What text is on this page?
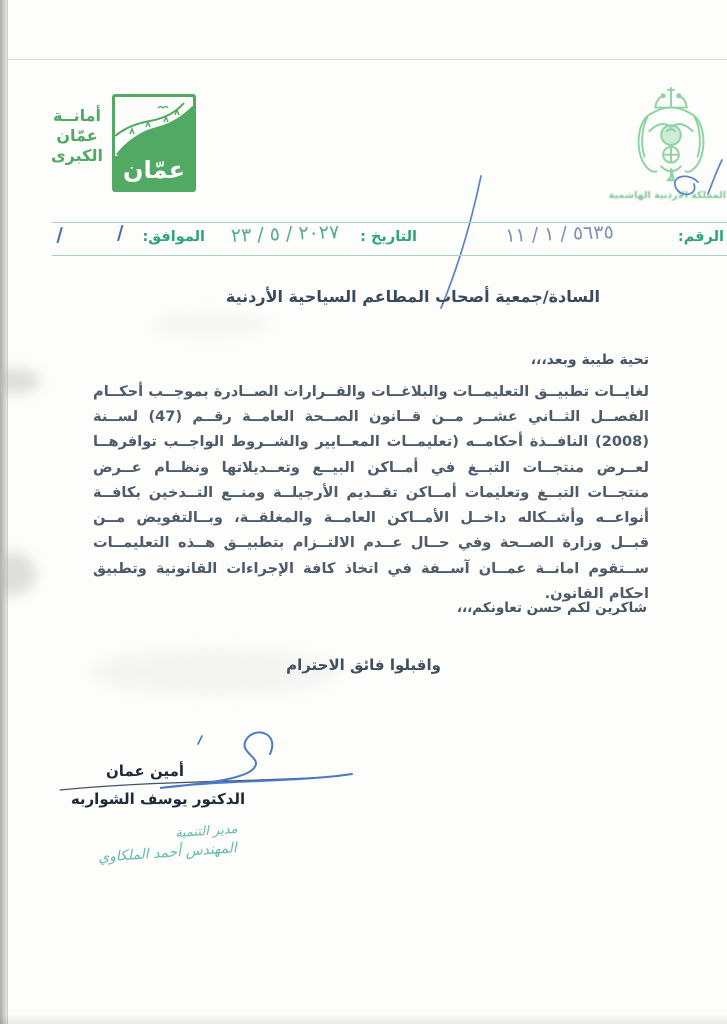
أمانــة
عمّان
الكبرى
عمّان
المملكة الأردنية الهاشمية
الرقم:
٥٦٣٥ / ١ / ١١
التاريخ :
٢٠٢٧ / ٥ / ٢٣
الموافق:
/      /
السادة/جمعية أصحاب المطاعم السياحية الأردنية
تحية طيبة وبعد،،،
لغايــات تطبيــق التعليمــات والبلاغــات والقــرارات الصــادرة بموجــب أحكــام الفصــل الثــاني عشــر مــن قــانون الصــحة العامــة رقــم (47) لســنة (2008) النافــذة أحكامــه (تعليمــات المعــايير والشــروط الواجــب توافرهــا لعــرض منتجــات التبــغ في أمــاكن البيــع وتعــديلاتها ونظــام عــرض منتجــات التبــغ وتعليمات أمــاكن تقــديم الأرجيلــة ومنــع التــدخين بكافــة أنواعــه وأشــكاله داخــل الأمــاكن العامــة والمغلقــة، وبــالتفويض مــن قبــل وزارة الصــحة وفي حــال عــدم الالتــزام بتطبيــق هــذه التعليمــات ســتقوم امانــة عمــان آســفة في اتخاذ كافة الإجراءات القانونية وتطبيق احكام القانون.
شاكرين لكم حسن تعاونكم،،،
واقبلوا فائق الاحترام
أمين عمان
الدكتور يوسف الشواربه
مدير التنمية
المهندس أحمد الملكاوي
